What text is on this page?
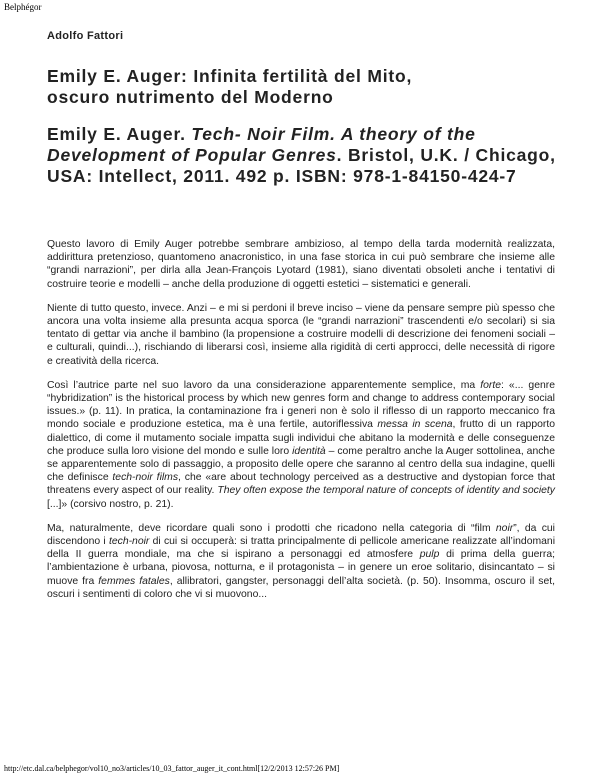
Belphégor
Adolfo Fattori
Emily E. Auger: Infinita fertilità del Mito,
oscuro nutrimento del Moderno
Emily E. Auger. Tech- Noir Film. A theory of the Development of Popular Genres. Bristol, U.K. / Chicago, USA: Intellect, 2011. 492 p. ISBN: 978-1-84150-424-7

Questo lavoro di Emily Auger potrebbe sembrare ambizioso, al tempo della tarda modernità realizzata, addirittura pretenzioso, quantomeno anacronistico, in una fase storica in cui può sembrare che insieme alle “grandi narrazioni”, per dirla alla Jean-François Lyotard (1981), siano diventati obsoleti anche i tentativi di costruire teorie e modelli – anche della produzione di oggetti estetici – sistematici e generali.

Niente di tutto questo, invece. Anzi – e mi si perdoni il breve inciso – viene da pensare sempre più spesso che ancora una volta insieme alla presunta acqua sporca (le “grandi narrazioni” trascendenti e/o secolari) si sia tentato di gettar via anche il bambino (la propensione a costruire modelli di descrizione dei fenomeni sociali – e culturali, quindi...), rischiando di liberarsi così, insieme alla rigidità di certi approcci, delle necessità di rigore e creatività della ricerca.

Così l’autrice parte nel suo lavoro da una considerazione apparentemente semplice, ma forte: «... genre “hybridization” is the historical process by which new genres form and change to address contemporary social issues.» (p. 11). In pratica, la contaminazione fra i generi non è solo il riflesso di un rapporto meccanico fra mondo sociale e produzione estetica, ma è una fertile, autoriflessiva messa in scena, frutto di un rapporto dialettico, di come il mutamento sociale impatta sugli individui che abitano la modernità e delle conseguenze che produce sulla loro visione del mondo e sulle loro identità – come peraltro anche la Auger sottolinea, anche se apparentemente solo di passaggio, a proposito delle opere che saranno al centro della sua indagine, quelli che definisce tech-noir films, che «are about technology perceived as a destructive and dystopian force that threatens every aspect of our reality. They often expose the temporal nature of concepts of identity and society [...]» (corsivo nostro, p. 21).

Ma, naturalmente, deve ricordare quali sono i prodotti che ricadono nella categoria di “film noir”, da cui discendono i tech-noir di cui si occuperà: si tratta principalmente di pellicole americane realizzate all’indomani della II guerra mondiale, ma che si ispirano a personaggi ed atmosfere pulp di prima della guerra; l’ambientazione è urbana, piovosa, notturna, e il protagonista – in genere un eroe solitario, disincantato – si muove fra femmes fatales, allibratori, gangster, personaggi dell’alta società. (p. 50). Insomma, oscuro il set, oscuri i sentimenti di coloro che vi si muovono...

http://etc.dal.ca/belphegor/vol10_no3/articles/10_03_fattor_auger_it_cont.html[12/2/2013 12:57:26 PM]
